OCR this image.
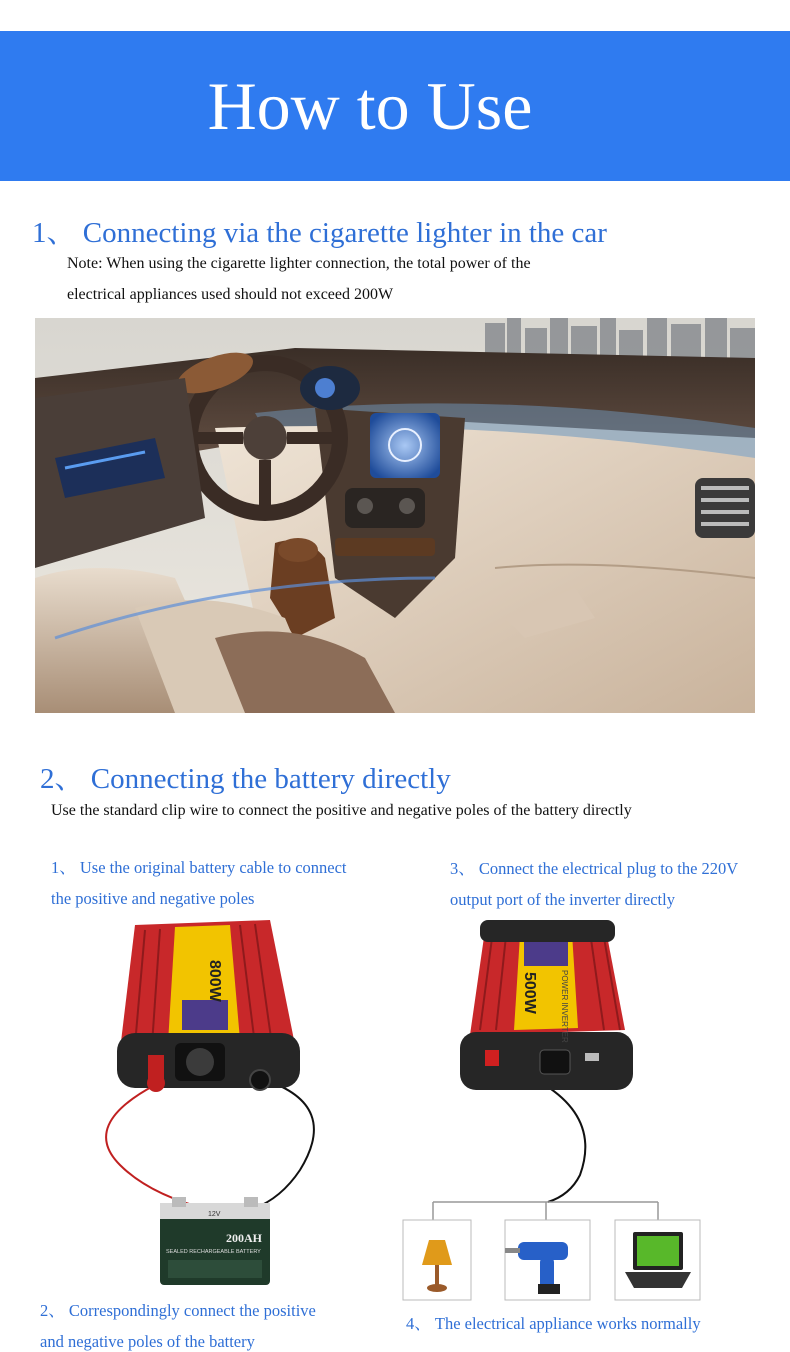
How to Use
1、 Connecting via the cigarette lighter in the car
Note: When using the cigarette lighter connection, the total power of the
electrical appliances used should not exceed 200W
2、 Connecting the battery directly
Use the standard clip wire to connect the positive and negative poles of the battery directly
1、 Use the original battery cable to connect
the positive and negative poles
3、 Connect the electrical plug to the 220V
output port of the inverter directly
800W
12V
200AH
SEALED RECHARGEABLE BATTERY
500W	POWER INVERTER
2、 Correspondingly connect the positive
and negative poles of the battery
4、 The electrical appliance works normally
